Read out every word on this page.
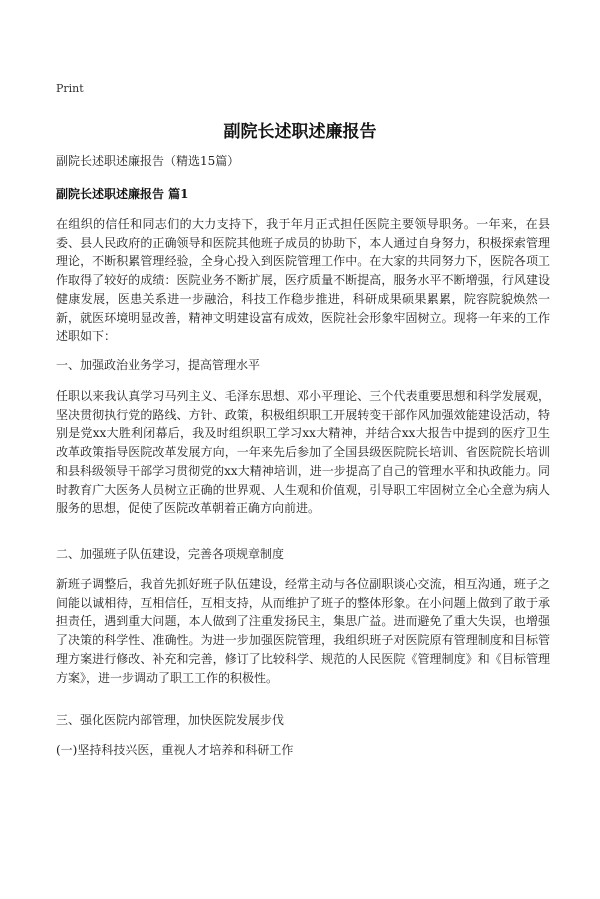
Print
副院长述职述廉报告
副院长述职述廉报告（精选15篇）
副院长述职述廉报告 篇1

在组织的信任和同志们的大力支持下，我于年月正式担任医院主要领导职务。一年来，在县委、县人民政府的正确领导和医院其他班子成员的协助下，本人通过自身努力，积极探索管理理论，不断积累管理经验，全身心投入到医院管理工作中。在大家的共同努力下，医院各项工作取得了较好的成绩：医院业务不断扩展，医疗质量不断提高，服务水平不断增强，行风建设健康发展，医患关系进一步融洽，科技工作稳步推进，科研成果硕果累累，院容院貌焕然一新，就医环境明显改善，精神文明建设富有成效，医院社会形象牢固树立。现将一年来的工作述职如下：

一、加强政治业务学习，提高管理水平

任职以来我认真学习马列主义、毛泽东思想、邓小平理论、三个代表重要思想和科学发展观，坚决贯彻执行党的路线、方针、政策，积极组织职工开展转变干部作风加强效能建设活动，特别是党xx大胜利闭幕后，我及时组织职工学习xx大精神，并结合xx大报告中提到的医疗卫生改革政策指导医院改革发展方向，一年来先后参加了全国县级医院院长培训、省医院院长培训和县科级领导干部学习贯彻党的xx大精神培训，进一步提高了自己的管理水平和执政能力。同时教育广大医务人员树立正确的世界观、人生观和价值观，引导职工牢固树立全心全意为病人服务的思想，促使了医院改革朝着正确方向前进。

二、加强班子队伍建设，完善各项规章制度

新班子调整后，我首先抓好班子队伍建设，经常主动与各位副职谈心交流，相互沟通，班子之间能以诚相待，互相信任，互相支持，从而维护了班子的整体形象。在小问题上做到了敢于承担责任，遇到重大问题，本人做到了注重发扬民主，集思广益。进而避免了重大失误，也增强了决策的科学性、准确性。为进一步加强医院管理，我组织班子对医院原有管理制度和目标管理方案进行修改、补充和完善，修订了比较科学、规范的人民医院《管理制度》和《目标管理方案》，进一步调动了职工工作的积极性。

三、强化医院内部管理，加快医院发展步伐
(一)坚持科技兴医，重视人才培养和科研工作
